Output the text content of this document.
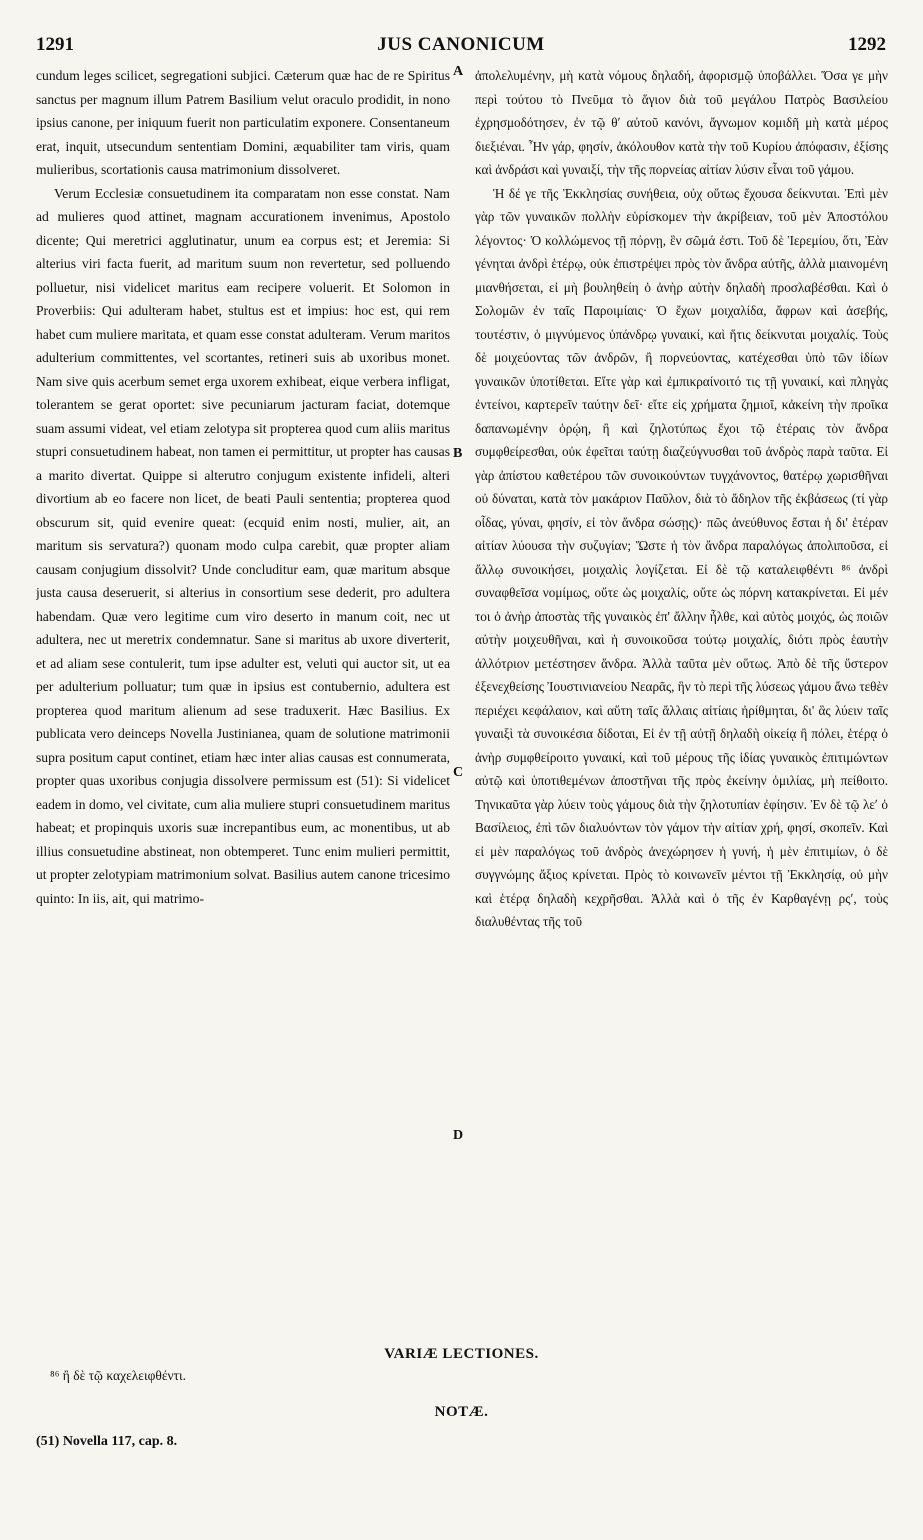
1291	JUS CANONICUM	1292

cundum leges scilicet, segregationi subjici. Cæterum quæ hac de re Spiritus sanctus per magnum illum Patrem Basilium velut oraculo prodidit, in nono ipsius canone, per iniquum fuerit non particulatim exponere. Consentaneum erat, inquit, utsecundum sententiam Domini, æquabiliter tam viris, quam mulieribus, scortationis causa matrimonium dissolveret.

Verum Ecclesiæ consuetudinem ita comparatam non esse constat. Nam ad mulieres quod attinet, magnam accurationem invenimus, Apostolo dicente; Qui meretrici agglutinatur, unum ea corpus est; et Jeremia: Si alterius viri facta fuerit, ad maritum suum non revertetur, sed polluendo polluetur, nisi videlicet maritus eam recipere voluerit. Et Solomon in Proverbiis: Qui adulteram habet, stultus est et impius: hoc est, qui rem habet cum muliere maritata, et quam esse constat adulteram. Verum maritos adulterium committentes, vel scortantes, retineri suis ab uxoribus monet. Nam sive quis acerbum semet erga uxorem exhibeat, eique verbera infligat, tolerantem se gerat oportet: sive pecuniarum jacturam faciat, dotemque suam assumi videat, vel etiam zelotypa sit propterea quod cum aliis maritus stupri consuetudinem habeat, non tamen ei permittitur, ut propter has causas a marito divertat. Quippe si alterutro conjugum existente infideli, alteri divortium ab eo facere non licet, de beati Pauli sententia; propterea quod obscurum sit, quid evenire queat: (ecquid enim nosti, mulier, ait, an maritum sis servatura?) quonam modo culpa carebit, quæ propter aliam causam conjugium dissolvit? Unde concluditur eam, quæ maritum absque justa causa deseruerit, si alterius in consortium sese dederit, pro adultera habendam. Quæ vero legitime cum viro deserto in manum coit, nec ut adultera, nec ut meretrix condemnatur. Sane si maritus ab uxore diverterit, et ad aliam sese contulerit, tum ipse adulter est, veluti qui auctor sit, ut ea per adulterium polluatur; tum quæ in ipsius est contubernio, adultera est propterea quod maritum alienum ad sese traduxerit. Hæc Basilius. Ex publicata vero deinceps Novella Justinianea, quam de solutione matrimonii supra positum caput continet, etiam hæc inter alias causas est connumerata, propter quas uxoribus conjugia dissolvere permissum est (51): Si videlicet eadem in domo, vel civitate, cum alia muliere stupri consuetudinem maritus habeat; et propinquis uxoris suæ increpantibus eum, ac monentibus, ut ab illius consuetudine abstineat, non obtemperet. Tunc enim mulieri permittit, ut propter zelotypiam matrimonium solvat. Basilius autem canone tricesimo quinto: In iis, ait, qui matrimo-

ἀπολελυμένην, μὴ κατὰ νόμους δηλαδή, ἀφορισμῷ ὑποβάλλει. Ὅσα γε μὴν περὶ τούτου τὸ Πνεῦμα τὸ ἅγιον διὰ τοῦ μεγάλου Πατρὸς Βασιλείου ἐχρησμοδότησεν, ἐν τῷ θʹ αὐτοῦ κανόνι, ἄγνωμον κομιδῆ μὴ κατὰ μέρος διεξιέναι. Ἦν γάρ, φησίν, ἀκόλουθον κατὰ τὴν τοῦ Κυρίου ἀπόφασιν, ἐξίσης καὶ ἀνδράσι καὶ γυναιξί, τὴν τῆς πορνείας αἰτίαν λύσιν εἶναι τοῦ γάμου.

Ἡ δέ γε τῆς Ἐκκλησίας συνήθεια, οὐχ οὕτως ἔχουσα δείκνυται. Ἐπὶ μὲν γὰρ τῶν γυναικῶν πολλὴν εὑρίσκομεν τὴν ἀκρίβειαν, τοῦ μὲν Ἀποστόλου λέγοντος· Ὁ κολλώμενος τῇ πόρνῃ, ἓν σῶμά ἐστι. Τοῦ δὲ Ἱερεμίου, ὅτι, Ἐὰν γένηται ἀνδρὶ ἑτέρῳ, οὐκ ἐπιστρέψει πρὸς τὸν ἄνδρα αὐτῆς, ἀλλὰ μιαινομένη μιανθήσεται, εἰ μὴ βουληθείη ὁ ἀνὴρ αὐτὴν δηλαδὴ προσλαβέσθαι. Καὶ ὁ Σολομῶν ἐν ταῖς Παροιμίαις· Ὁ ἔχων μοιχαλίδα, ἄφρων καὶ ἀσεβής, τουτέστιν, ὁ μιγνύμενος ὑπάνδρῳ γυναικί, καὶ ἥτις δείκνυται μοιχαλίς. Τοὺς δὲ μοιχεύοντας τῶν ἀνδρῶν, ἢ πορνεύοντας, κατέχεσθαι ὑπὸ τῶν ἰδίων γυναικῶν ὑποτίθεται. Εἴτε γὰρ καὶ ἐμπικραίνοιτό τις τῇ γυναικί, καὶ πληγὰς ἐντείνοι, καρτερεῖν ταύτην δεῖ· εἴτε εἰς χρήματα ζημιοῖ, κἀκείνη τὴν προῖκα δαπανωμένην ὁρῴη, ἢ καὶ ζηλοτύπως ἔχοι τῷ ἑτέραις τὸν ἄνδρα συμφθείρεσθαι, οὐκ ἐφεῖται ταύτῃ διαζεύγνυσθαι τοῦ ἀνδρὸς παρὰ ταῦτα. Εἰ γὰρ ἀπίστου καθετέρου τῶν συνοικούντων τυγχάνοντος, θατέρῳ χωρισθῆναι οὐ δύναται, κατὰ τὸν μακάριον Παῦλον, διὰ τὸ ἄδηλον τῆς ἐκβάσεως (τί γὰρ οἶδας, γύναι, φησίν, εἰ τὸν ἄνδρα σώσῃς)· πῶς ἀνεύθυνος ἔσται ἡ δι' ἑτέραν αἰτίαν λύουσα τὴν συζυγίαν; Ὥστε ἡ τὸν ἄνδρα παραλόγως ἀπολιποῦσα, εἰ ἄλλῳ συνοικήσει, μοιχαλὶς λογίζεται. Εἰ δὲ τῷ καταλειφθέντι ⁸⁶ ἀνδρὶ συναφθεῖσα νομίμως, οὔτε ὡς μοιχαλίς, οὔτε ὡς πόρνη κατακρίνεται. Εἰ μέν τοι ὁ ἀνὴρ ἀποστὰς τῆς γυναικὸς ἐπ' ἄλλην ἦλθε, καὶ αὐτὸς μοιχός, ὡς ποιῶν αὐτὴν μοιχευθῆναι, καὶ ἡ συνοικοῦσα τούτῳ μοιχαλίς, διότι πρὸς ἑαυτὴν ἀλλότριον μετέστησεν ἄνδρα. Ἀλλὰ ταῦτα μὲν οὕτως. Ἀπὸ δὲ τῆς ὕστερον ἐξενεχθείσης Ἰουστινιανείου Νεαρᾶς, ἣν τὸ περὶ τῆς λύσεως γάμου ἄνω τεθὲν περιέχει κεφάλαιον, καὶ αὕτη ταῖς ἄλλαις αἰτίαις ἠρίθμηται, δι' ἃς λύειν ταῖς γυναιξὶ τὰ συνοικέσια δίδοται, Εἰ ἐν τῇ αὐτῇ δηλαδὴ οἰκείᾳ ἢ πόλει, ἑτέρᾳ ὁ ἀνὴρ συμφθείροιτο γυναικί, καὶ τοῦ μέρους τῆς ἰδίας γυναικὸς ἐπιτιμώντων αὐτῷ καὶ ὑποτιθεμένων ἀποστῆναι τῆς πρὸς ἐκείνην ὁμιλίας, μὴ πείθοιτο. Τηνικαῦτα γὰρ λύειν τοὺς γάμους διὰ τὴν ζηλοτυπίαν ἐφίησιν. Ἐν δὲ τῷ λεʹ ὁ Βασίλειος, ἐπὶ τῶν διαλυόντων τὸν γάμον τὴν αἰτίαν χρή, φησί, σκοπεῖν. Καὶ εἰ μὲν παραλόγως τοῦ ἀνδρὸς ἀνεχώρησεν ἡ γυνή, ἡ μὲν ἐπιτιμίων, ὁ δὲ συγγνώμης ἄξιος κρίνεται. Πρὸς τὸ κοινωνεῖν μέντοι τῇ Ἐκκλησίᾳ, οὐ μὴν καὶ ἑτέρᾳ δηλαδὴ κεχρῆσθαι. Ἀλλὰ καὶ ὁ τῆς ἐν Καρθαγένῃ ρςʹ, τοὺς διαλυθέντας τῆς τοῦ

A
B
C
D
VARIÆ LECTIONES.
⁸⁶ ἢ δὲ τῷ καχελειφθέντι.
NOTÆ.
(51) Novella 117, cap. 8.
